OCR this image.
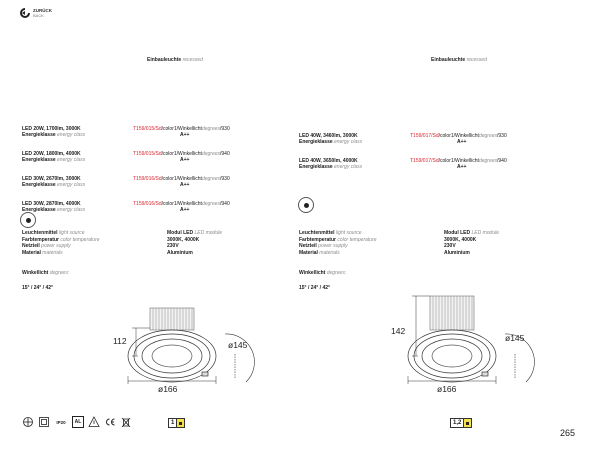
ZURÜCK
BACK
Einbauleuchte recessed
LED 20W, 1700lm, 3000K	T159/015/Sd/color1/Winkellichtdegrees/930
Energieklasse energy class	A++
LED 20W, 1800lm, 4000K	T159/015/Sd/color1/Winkellichtdegrees/940
Energieklasse energy class	A++
LED 30W, 2670lm, 3000K	T159/016/Sd/color1/Winkellichtdegrees/930
Energieklasse energy class	A++
LED 30W, 2870lm, 4000K	T159/016/Sd/color1/Winkellichtdegrees/940
Energieklasse energy class	A++
Leuchtenmittel light source	Modul LED LED module
Farbtemperatur color temperature	3000K, 4000K
Netzteil power supply	230V
Material materials	Aluminium
Winkellicht degrees:
15° / 24° / 42°
112
ø166
ø145
1
IP20	AL
Einbauleuchte recessed
LED 40W, 3460lm, 3000K	T159/017/Sd/color1/Winkellichtdegrees/930
Energieklasse energy class	A++
LED 40W, 3650lm, 4000K	T159/017/Sd/color1/Winkellichtdegrees/940
Energieklasse energy class	A++
Leuchtenmittel light source	Modul LED LED module
Farbtemperatur color temperature	3000K, 4000K
Netzteil power supply	230V
Material materials	Aluminium
Winkellicht degrees:
15° / 24° / 42°
142
ø166
ø145
1,2
265
